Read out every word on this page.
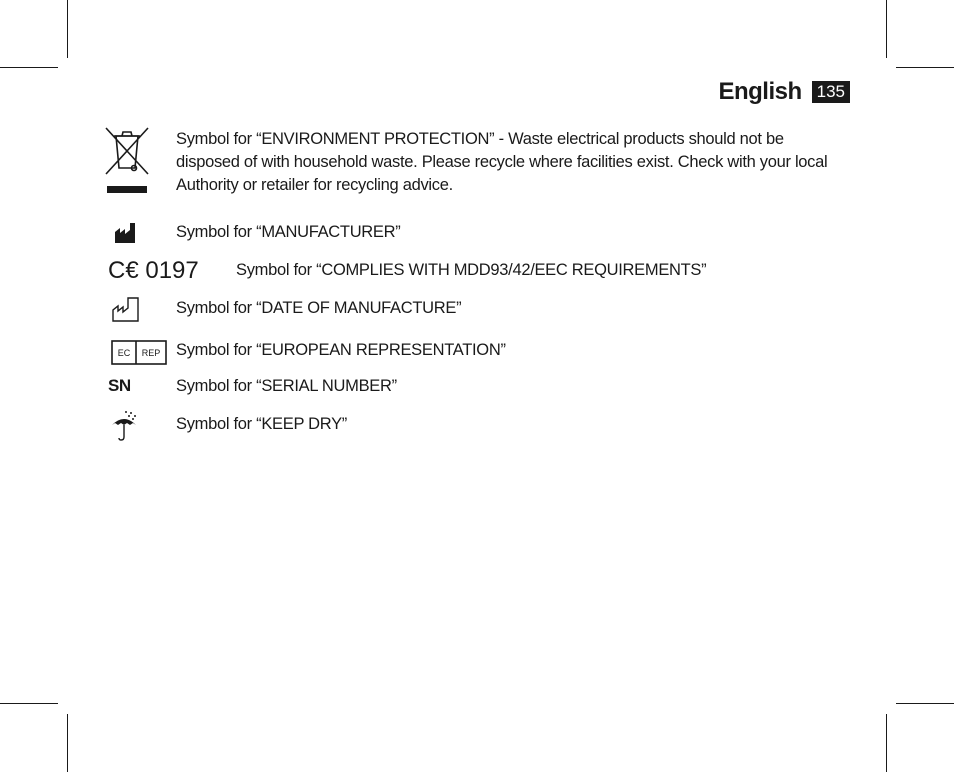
English 135
Symbol for “ENVIRONMENT PROTECTION” - Waste electrical products should not be disposed of with household waste. Please recycle where facilities exist. Check with your local Authority or retailer for recycling advice.
Symbol for “MANUFACTURER”
C€ 0197 Symbol for “COMPLIES WITH MDD93/42/EEC REQUIREMENTS”
Symbol for “DATE OF MANUFACTURE”
EC REP Symbol for “EUROPEAN REPRESENTATION”
SN	Symbol for “SERIAL NUMBER”
Symbol for “KEEP DRY”
